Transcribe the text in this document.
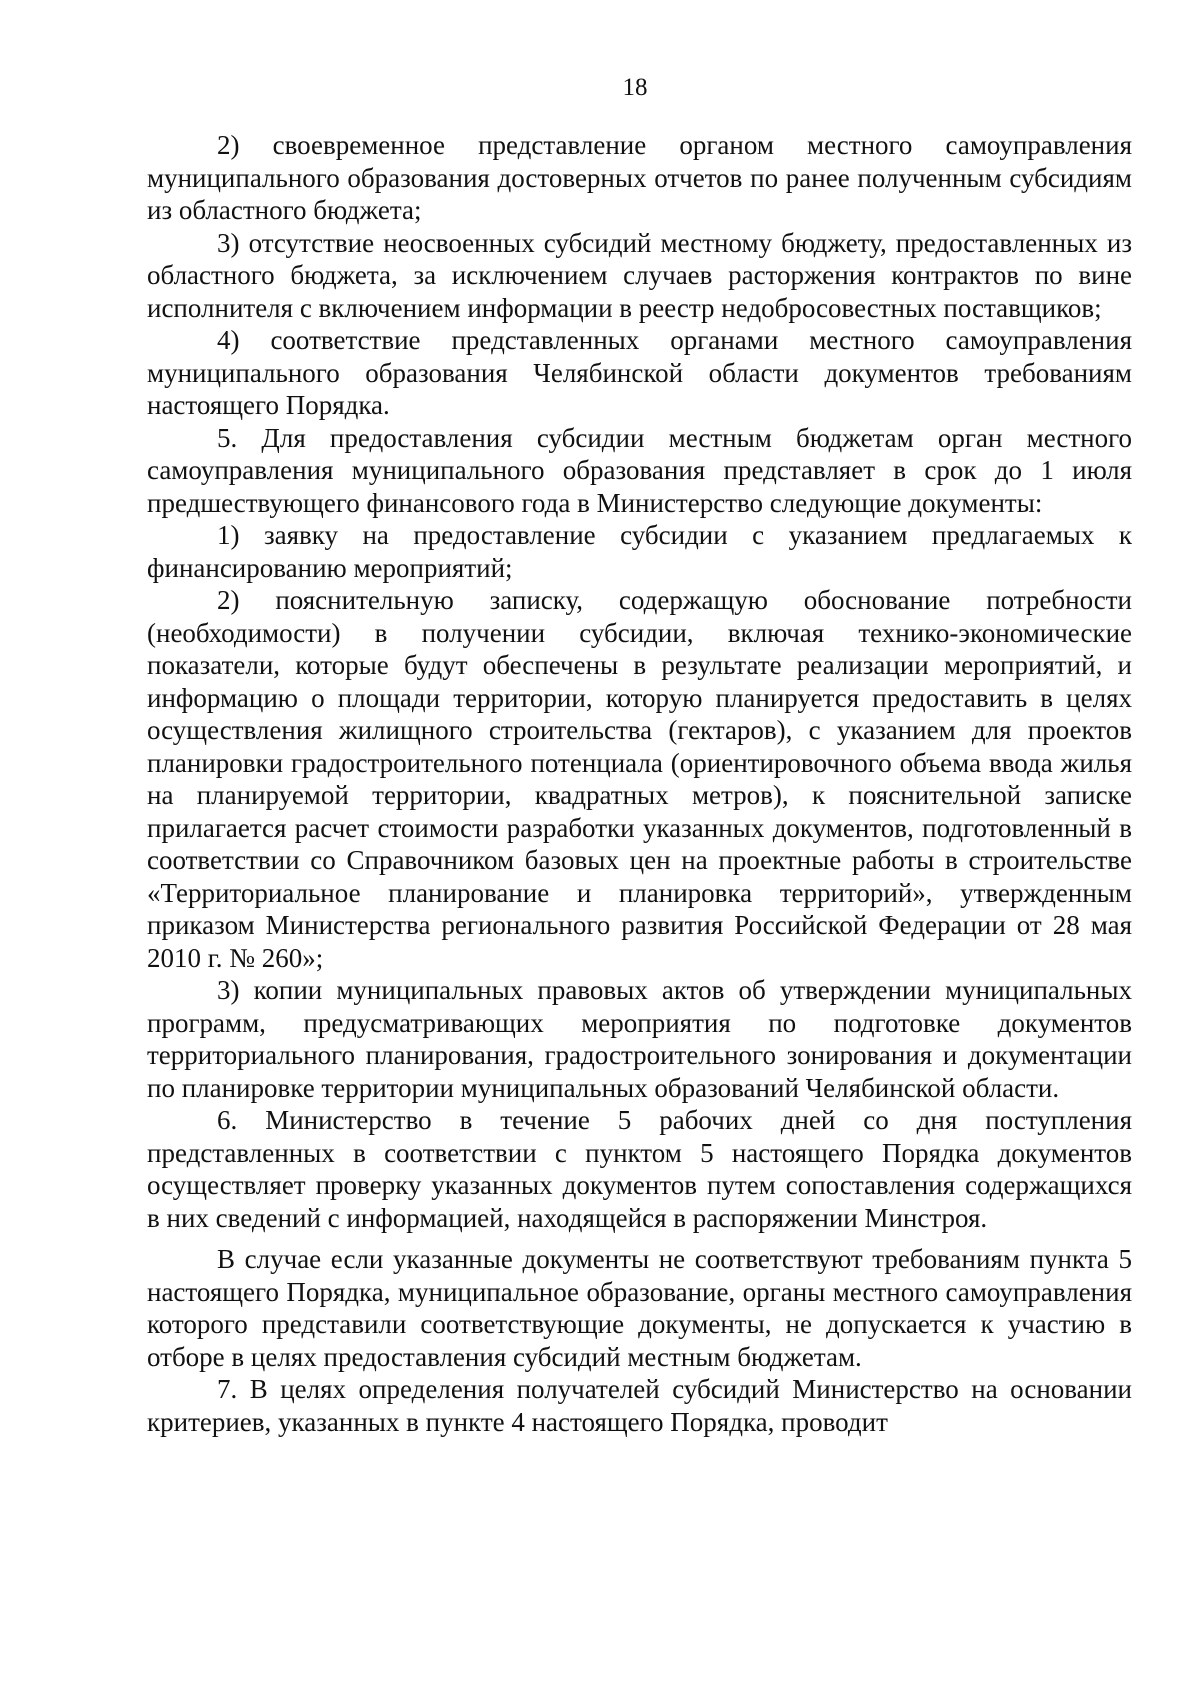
18

2) своевременное представление органом местного самоуправления муниципального образования достоверных отчетов по ранее полученным субсидиям из областного бюджета;

3) отсутствие неосвоенных субсидий местному бюджету, предоставленных из областного бюджета, за исключением случаев расторжения контрактов по вине исполнителя с включением информации в реестр недобросовестных поставщиков;

4) соответствие представленных органами местного самоуправления муниципального образования Челябинской области документов требованиям настоящего Порядка.

5. Для предоставления субсидии местным бюджетам орган местного самоуправления муниципального образования представляет в срок до 1 июля предшествующего финансового года в Министерство следующие документы:

1) заявку на предоставление субсидии с указанием предлагаемых к финансированию мероприятий;

2) пояснительную записку, содержащую обоснование потребности (необходимости) в получении субсидии, включая технико-экономические показатели, которые будут обеспечены в результате реализации мероприятий, и информацию о площади территории, которую планируется предоставить в целях осуществления жилищного строительства (гектаров), с указанием для проектов планировки градостроительного потенциала (ориентировочного объема ввода жилья на планируемой территории, квадратных метров), к пояснительной записке прилагается расчет стоимости разработки указанных документов, подготовленный в соответствии со Справочником базовых цен на проектные работы в строительстве «Территориальное планирование и планировка территорий», утвержденным приказом Министерства регионального развития Российской Федерации от 28 мая 2010 г. № 260»;

3) копии муниципальных правовых актов об утверждении муниципальных программ, предусматривающих мероприятия по подготовке документов территориального планирования, градостроительного зонирования и документации по планировке территории муниципальных образований Челябинской области.

6. Министерство в течение 5 рабочих дней со дня поступления представленных в соответствии с пунктом 5 настоящего Порядка документов осуществляет проверку указанных документов путем сопоставления содержащихся в них сведений с информацией, находящейся в распоряжении Минстроя.

В случае если указанные документы не соответствуют требованиям пункта 5 настоящего Порядка, муниципальное образование, органы местного самоуправления которого представили соответствующие документы, не допускается к участию в отборе в целях предоставления субсидий местным бюджетам.

7. В целях определения получателей субсидий Министерство на основании критериев, указанных в пункте 4 настоящего Порядка, проводит
